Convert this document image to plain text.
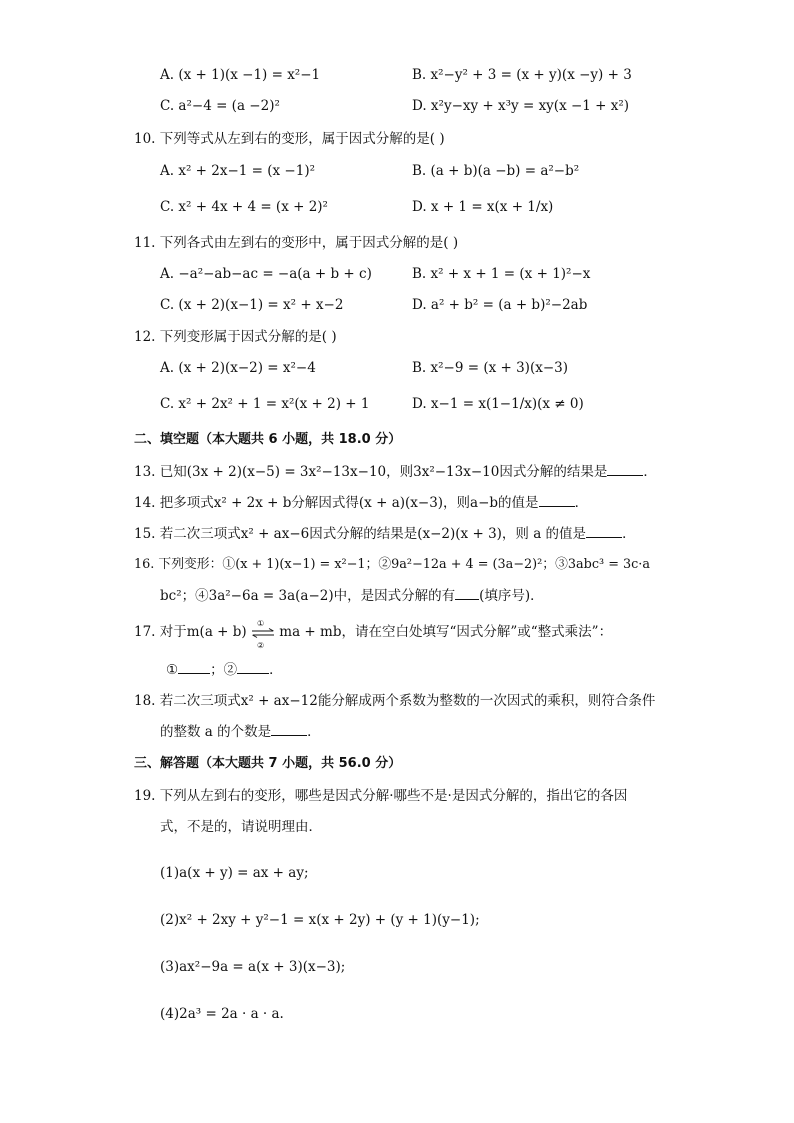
A. (x + 1)(x −1) = x²−1	B. x²−y² + 3 = (x + y)(x −y) + 3
C. a²−4 = (a −2)²	D. x²y−xy + x³y = xy(x −1 + x²)
10. 下列等式从左到右的变形，属于因式分解的是( )
A. x² + 2x−1 = (x −1)²	B. (a + b)(a −b) = a²−b²
C. x² + 4x + 4 = (x + 2)²	D. x + 1 = x(x + 1/x)
11. 下列各式由左到右的变形中，属于因式分解的是( )
A. −a²−ab−ac = −a(a + b + c)	B. x² + x + 1 = (x + 1)²−x
C. (x + 2)(x−1) = x² + x−2	D. a² + b² = (a + b)²−2ab
12. 下列变形属于因式分解的是( )
A. (x + 2)(x−2) = x²−4	B. x²−9 = (x + 3)(x−3)
C. x² + 2x² + 1 = x²(x + 2) + 1	D. x−1 = x(1−1/x)(x ≠ 0)
二、填空题（本大题共 6 小题，共 18.0 分）
13. 已知(3x + 2)(x−5) = 3x²−13x−10，则3x²−13x−10因式分解的结果是	．
14. 把多项式x² + 2x + b分解因式得(x + a)(x−3)，则a−b的值是	．
15. 若二次三项式x² + ax−6因式分解的结果是(x−2)(x + 3)，则 a 的值是	．
16. 下列变形：①(x + 1)(x−1) = x²−1；②9a²−12a + 4 = (3a−2)²；③3abc³ = 3c·a
bc²；④3a²−6a = 3a(a−2)中，是因式分解的有 (填序号)．
17. 对于m(a + b)
①
②
ma + mb，请在空白处填写“因式分解”或“整式乘法”：
① ；② ．
18. 若二次三项式x² + ax−12能分解成两个系数为整数的一次因式的乘积，则符合条件
的整数 a 的个数是	．
三、解答题（本大题共 7 小题，共 56.0 分）
19. 下列从左到右的变形，哪些是因式分解·哪些不是·是因式分解的，指出它的各因
式，不是的，请说明理由．
(1)a(x + y) = ax + ay;
(2)x² + 2xy + y²−1 = x(x + 2y) + (y + 1)(y−1);
(3)ax²−9a = a(x + 3)(x−3);
(4)2a³ = 2a · a · a.
